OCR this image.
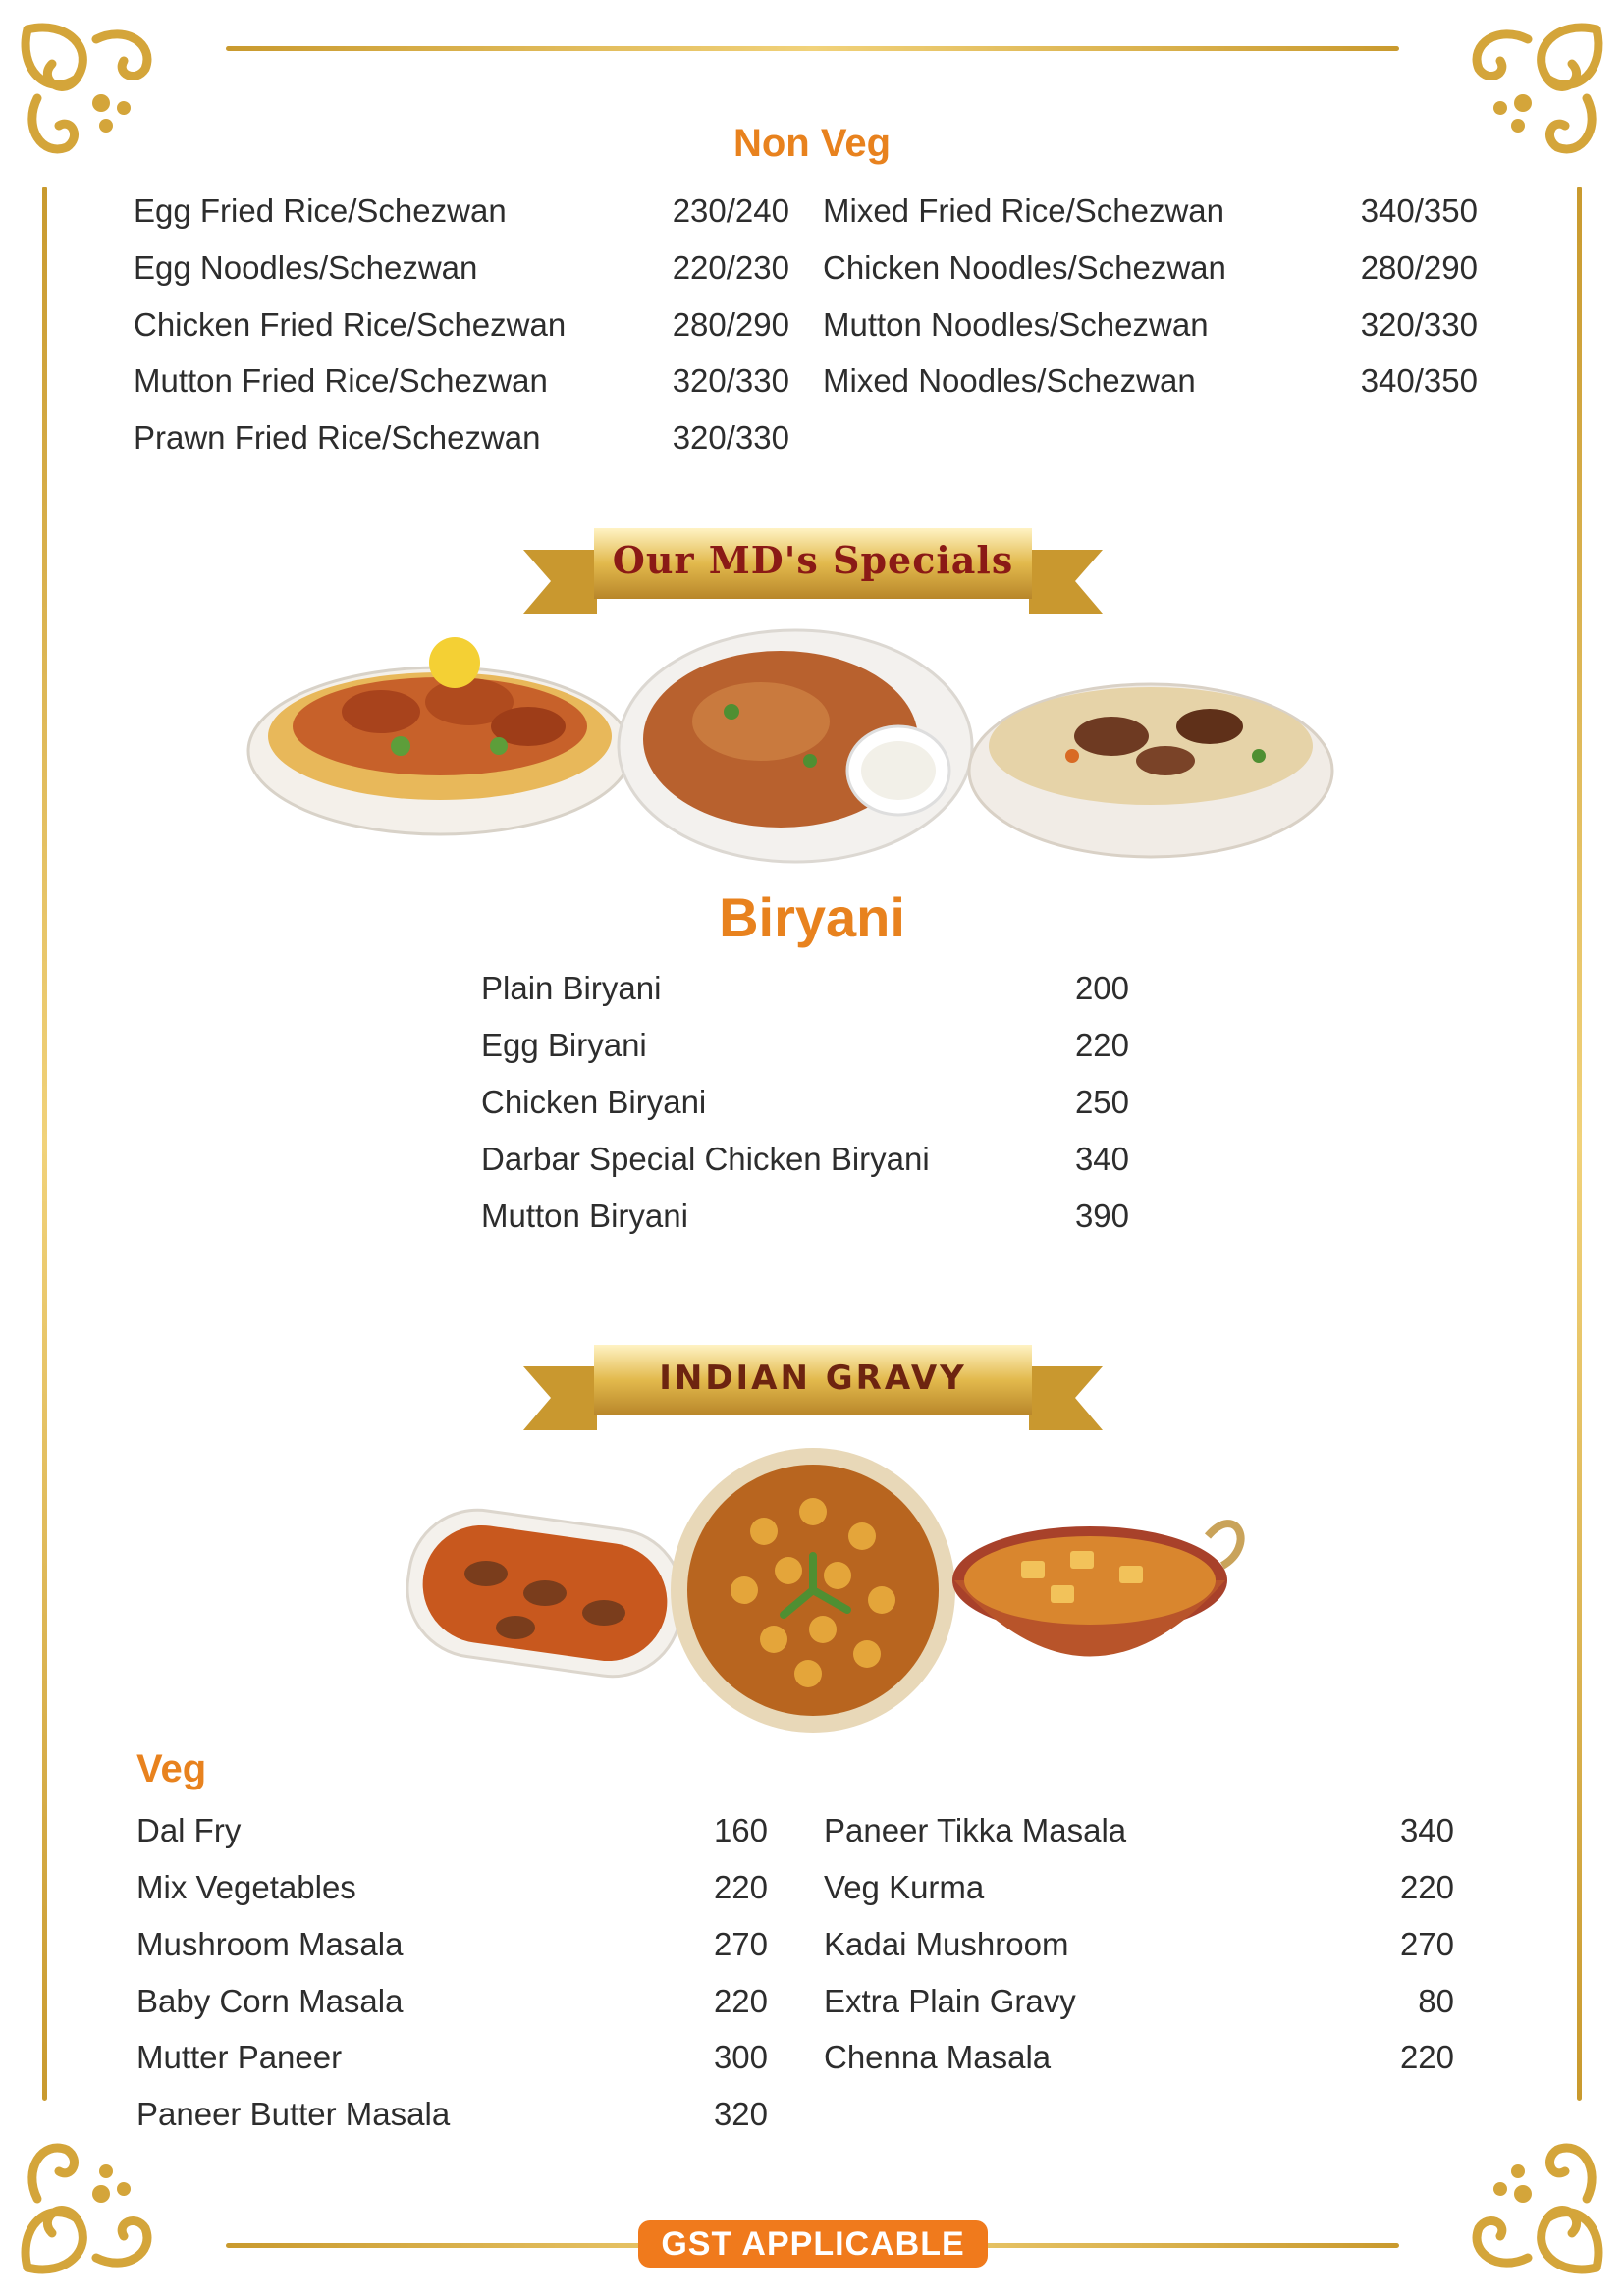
Non Veg
Egg Fried Rice/Schezwan	230/240
Egg Noodles/Schezwan	220/230
Chicken Fried Rice/Schezwan	280/290
Mutton Fried Rice/Schezwan	320/330
Prawn Fried Rice/Schezwan	320/330
Mixed Fried Rice/Schezwan	340/350
Chicken Noodles/Schezwan	280/290
Mutton Noodles/Schezwan	320/330
Mixed Noodles/Schezwan	340/350
Our MD's Specials
Biryani
Plain Biryani	200
Egg Biryani	220
Chicken Biryani	250
Darbar Special Chicken Biryani	340
Mutton Biryani	390
INDIAN GRAVY
Veg
Dal Fry	160
Mix Vegetables	220
Mushroom Masala	270
Baby Corn Masala	220
Mutter Paneer	300
Paneer Butter Masala	320
Paneer Tikka Masala	340
Veg Kurma	220
Kadai Mushroom	270
Extra Plain Gravy	80
Chenna Masala	220
GST APPLICABLE
